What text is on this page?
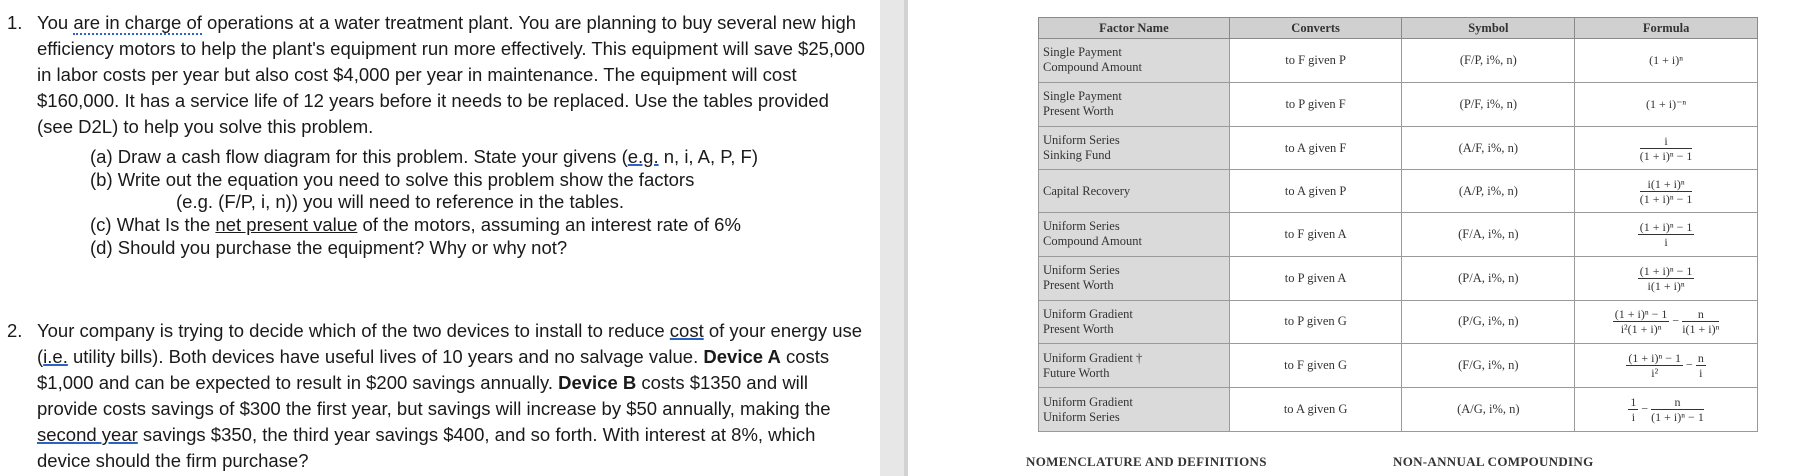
1. You are in charge of operations at a water treatment plant. You are planning to buy several new high efficiency motors to help the plant's equipment run more effectively. This equipment will save $25,000 in labor costs per year but also cost $4,000 per year in maintenance. The equipment will cost $160,000. It has a service life of 12 years before it needs to be replaced. Use the tables provided (see D2L) to help you solve this problem.
(a) Draw a cash flow diagram for this problem. State your givens (e.g. n, i, A, P, F)
(b) Write out the equation you need to solve this problem show the factors
(e.g. (F/P, i, n)) you will need to reference in the tables.
(c) What Is the net present value of the motors, assuming an interest rate of 6%
(d) Should you purchase the equipment? Why or why not?
2. Your company is trying to decide which of the two devices to install to reduce cost of your energy use (i.e. utility bills). Both devices have useful lives of 10 years and no salvage value. Device A costs $1,000 and can be expected to result in $200 savings annually. Device B costs $1350 and will provide costs savings of $300 the first year, but savings will increase by $50 annually, making the second year savings $350, the third year savings $400, and so forth. With interest at 8%, which device should the firm purchase?
Factor Name	Converts	Symbol	Formula
Single Payment
Compound Amount	to F given P	(F/P, i%, n)	(1 + i)ⁿ
Single Payment
Present Worth	to P given F	(P/F, i%, n)	(1 + i)⁻ⁿ
Uniform Series
Sinking Fund	to A given F	(A/F, i%, n)	$\frac{i}{\text{(1 + i)ⁿ − 1}}$

Capital Recovery	to A given P	(A/P, i%, n)	$\frac{\text{i(1 + i)ⁿ}}{\text{(1 + i)ⁿ − 1}}$

Uniform Series
Compound Amount	to F given A	(F/A, i%, n)	$\frac{\text{(1 + i)ⁿ − 1}}{i}$

Uniform Series
Present Worth	to P given A	(P/A, i%, n)	$\frac{\text{(1 + i)ⁿ − 1}}{\text{i(1 + i)ⁿ}}$

Uniform Gradient
Present Worth	to P given G	(P/G, i%, n)	$\frac{\text{(1 + i)ⁿ − 1}}{\text{i²(1 + i)ⁿ}} - \frac{n}{\text{i(1 + i)ⁿ}}$

Uniform Gradient †
Future Worth	to F given G	(F/G, i%, n)	$\frac{\text{(1 + i)ⁿ − 1}}{\text{i²}} - \frac{n}{i}$

Uniform Gradient
Uniform Series	to A given G	(A/G, i%, n)	$\frac{1}{i} - \frac{n}{\text{(1 + i)ⁿ − 1}}$
NOMENCLATURE AND DEFINITIONS	NON-ANNUAL COMPOUNDING
